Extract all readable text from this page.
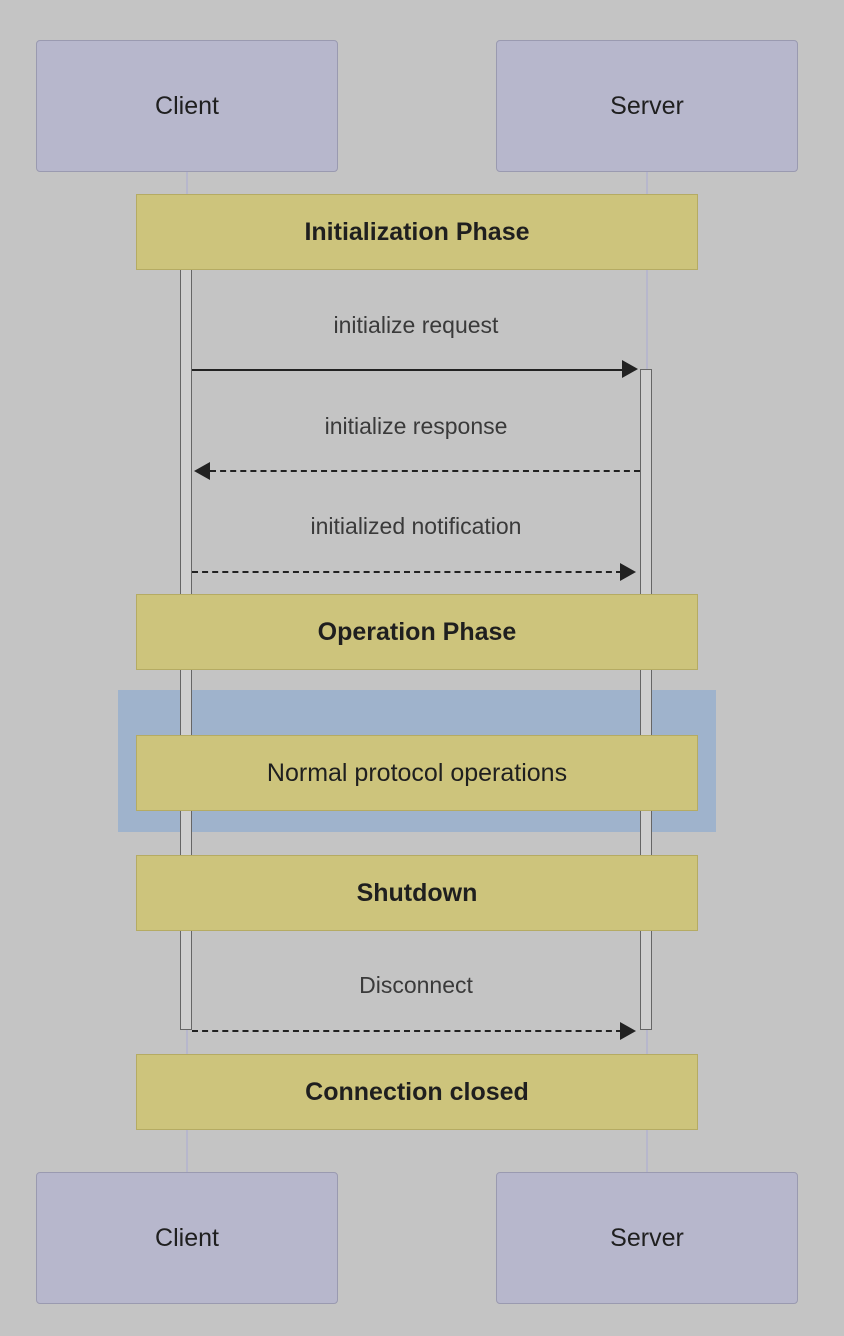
Client	Server
Initialization Phase
initialize request
initialize response
initialized notification
Operation Phase
Normal protocol operations
Shutdown
Disconnect
Connection closed
Client	Server
